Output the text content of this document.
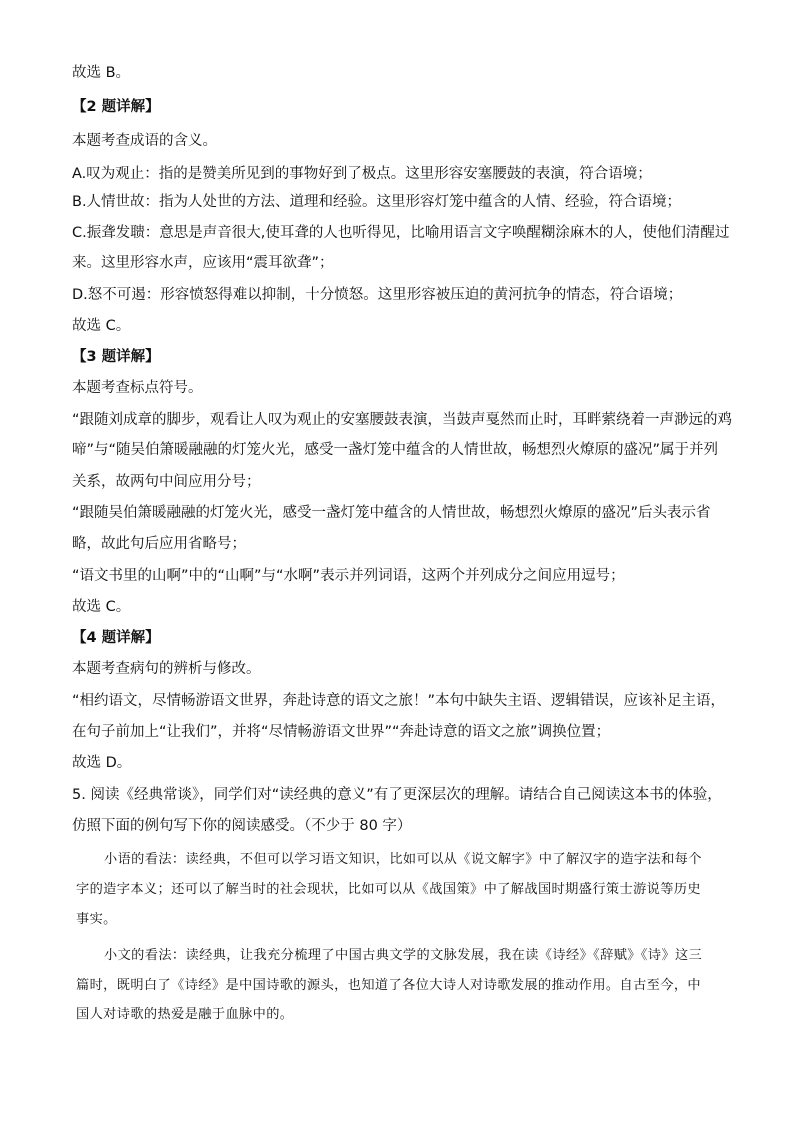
故选 B。
【2 题详解】
本题考查成语的含义。
A.叹为观止：指的是赞美所见到的事物好到了极点。这里形容安塞腰鼓的表演，符合语境；
B.人情世故：指为人处世的方法、道理和经验。这里形容灯笼中蕴含的人情、经验，符合语境；
C.振聋发聩：意思是声音很大,使耳聋的人也听得见，比喻用语言文字唤醒糊涂麻木的人，使他们清醒过
来。这里形容水声，应该用“震耳欲聋”；
D.怒不可遏：形容愤怒得难以抑制，十分愤怒。这里形容被压迫的黄河抗争的情态，符合语境；
故选 C。
【3 题详解】
本题考查标点符号。
“跟随刘成章的脚步，观看让人叹为观止的安塞腰鼓表演，当鼓声戛然而止时，耳畔萦绕着一声渺远的鸡
啼”与“随吴伯箫暖融融的灯笼火光，感受一盏灯笼中蕴含的人情世故，畅想烈火燎原的盛况”属于并列
关系，故两句中间应用分号；
“跟随吴伯箫暖融融的灯笼火光，感受一盏灯笼中蕴含的人情世故，畅想烈火燎原的盛况”后头表示省
略，故此句后应用省略号；
“语文书里的山啊”中的“山啊”与“水啊”表示并列词语，这两个并列成分之间应用逗号；
故选 C。
【4 题详解】
本题考查病句的辨析与修改。
“相约语文，尽情畅游语文世界，奔赴诗意的语文之旅！”本句中缺失主语、逻辑错误，应该补足主语，
在句子前加上“让我们”，并将“尽情畅游语文世界”“奔赴诗意的语文之旅”调换位置；
故选 D。
5. 阅读《经典常谈》，同学们对“读经典的意义”有了更深层次的理解。请结合自己阅读这本书的体验，
仿照下面的例句写下你的阅读感受。（不少于 80 字）
小语的看法：读经典，不但可以学习语文知识，比如可以从《说文解字》中了解汉字的造字法和每个
字的造字本义；还可以了解当时的社会现状，比如可以从《战国策》中了解战国时期盛行策士游说等历史
事实。
小文的看法：读经典，让我充分梳理了中国古典文学的文脉发展，我在读《诗经》《辞赋》《诗》这三
篇时，既明白了《诗经》是中国诗歌的源头，也知道了各位大诗人对诗歌发展的推动作用。自古至今，中
国人对诗歌的热爱是融于血脉中的。
